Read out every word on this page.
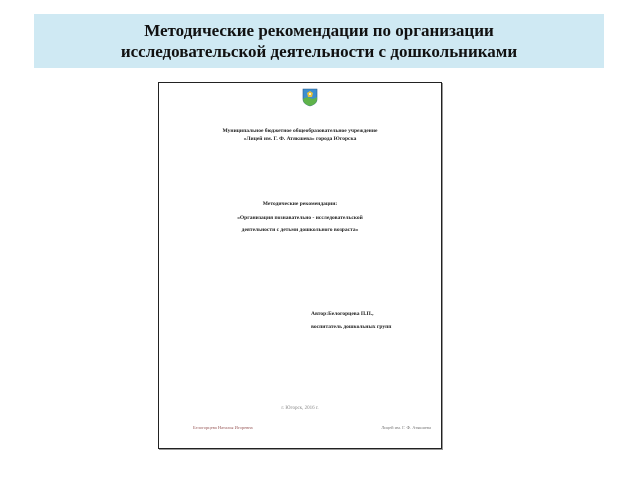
Методические рекомендации по организации
исследовательской деятельности с дошкольниками
Муниципальное бюджетное общеобразовательное учреждение
«Лицей им. Г. Ф. Атякшева» города Югорска
Методические рекомендации:
«Организация познавательно - исследовательской
деятельности с детьми дошкольного возраста»
Автор:Белогорцева П.П.,
воспитатель дошкольных групп
г. Югорск, 2016 г.
Белогорцева Наталья Игоревна	Лицей им. Г. Ф. Атякшева
